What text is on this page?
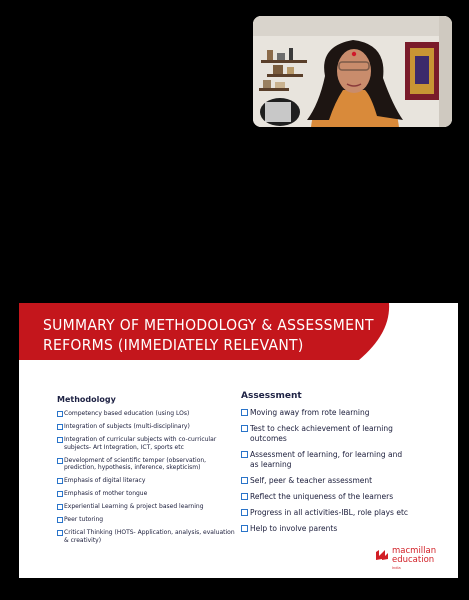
SUMMARY OF METHODOLOGY & ASSESSMENT
REFORMS (IMMEDIATELY RELEVANT)
Methodology
Competency based education (using LOs)
Integration of subjects (multi-disciplinary)
Integration of curricular subjects with co-curricular subjects- Art Integration, ICT, sports etc
Development of scientific temper (observation, prediction, hypothesis, inference, skepticism)
Emphasis of digital literacy
Emphasis of mother tongue
Experiential Learning & project based learning
Peer tutoring
Critical Thinking (HOTS- Application, analysis, evaluation & creativity)
Assessment
Moving away from rote learning
Test to check achievement of learning outcomes
Assessment of learning, for learning and as learning
Self, peer & teacher assessment
Reflect the uniqueness of the learners
Progress in all activities-IBL, role plays etc
Help to involve parents
macmillan
education
India
